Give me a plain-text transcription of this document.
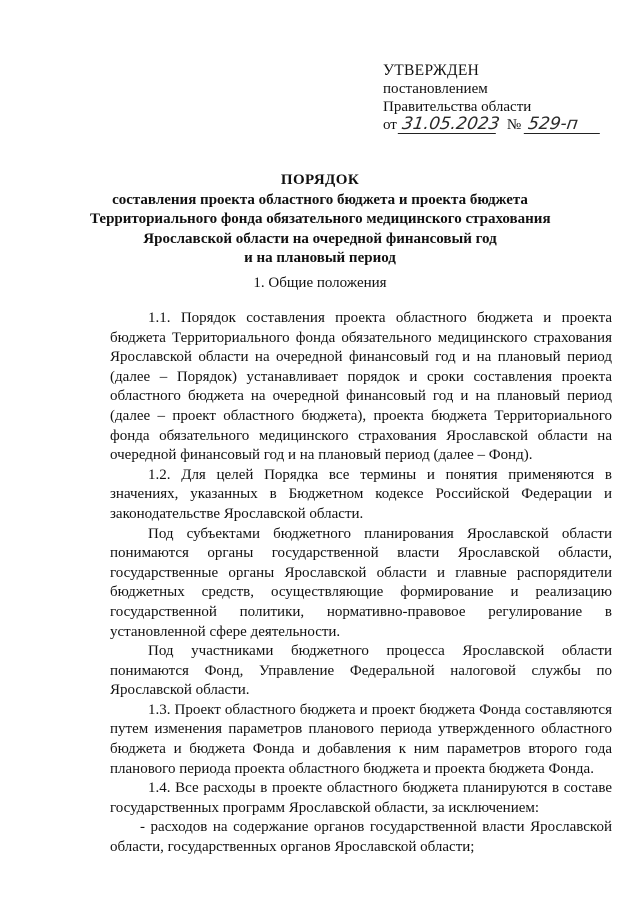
УТВЕРЖДЕН
постановлением
Правительства области
от 31.05.2023 № 529-п
ПОРЯДОК
составления проекта областного бюджета и проекта бюджета
Территориального фонда обязательного медицинского страхования
Ярославской области на очередной финансовый год
и на плановый период
1. Общие положения

1.1. Порядок составления проекта областного бюджета и проекта бюджета Территориального фонда обязательного медицинского страхования Ярославской области на очередной финансовый год и на плановый период (далее – Порядок) устанавливает порядок и сроки составления проекта областного бюджета на очередной финансовый год и на плановый период (далее – проект областного бюджета), проекта бюджета Территориального фонда обязательного медицинского страхования Ярославской области на очередной финансовый год и на плановый период (далее – Фонд).

1.2. Для целей Порядка все термины и понятия применяются в значениях, указанных в Бюджетном кодексе Российской Федерации и законодательстве Ярославской области.

Под субъектами бюджетного планирования Ярославской области понимаются органы государственной власти Ярославской области, государственные органы Ярославской области и главные распорядители бюджетных средств, осуществляющие формирование и реализацию государственной политики, нормативно-правовое регулирование в установленной сфере деятельности.

Под участниками бюджетного процесса Ярославской области понимаются Фонд, Управление Федеральной налоговой службы по Ярославской области.

1.3. Проект областного бюджета и проект бюджета Фонда составляются путем изменения параметров планового периода утвержденного областного бюджета и бюджета Фонда и добавления к ним параметров второго года планового периода проекта областного бюджета и проекта бюджета Фонда.

1.4. Все расходы в проекте областного бюджета планируются в составе государственных программ Ярославской области, за исключением:

- расходов на содержание органов государственной власти Ярославской области, государственных органов Ярославской области;
